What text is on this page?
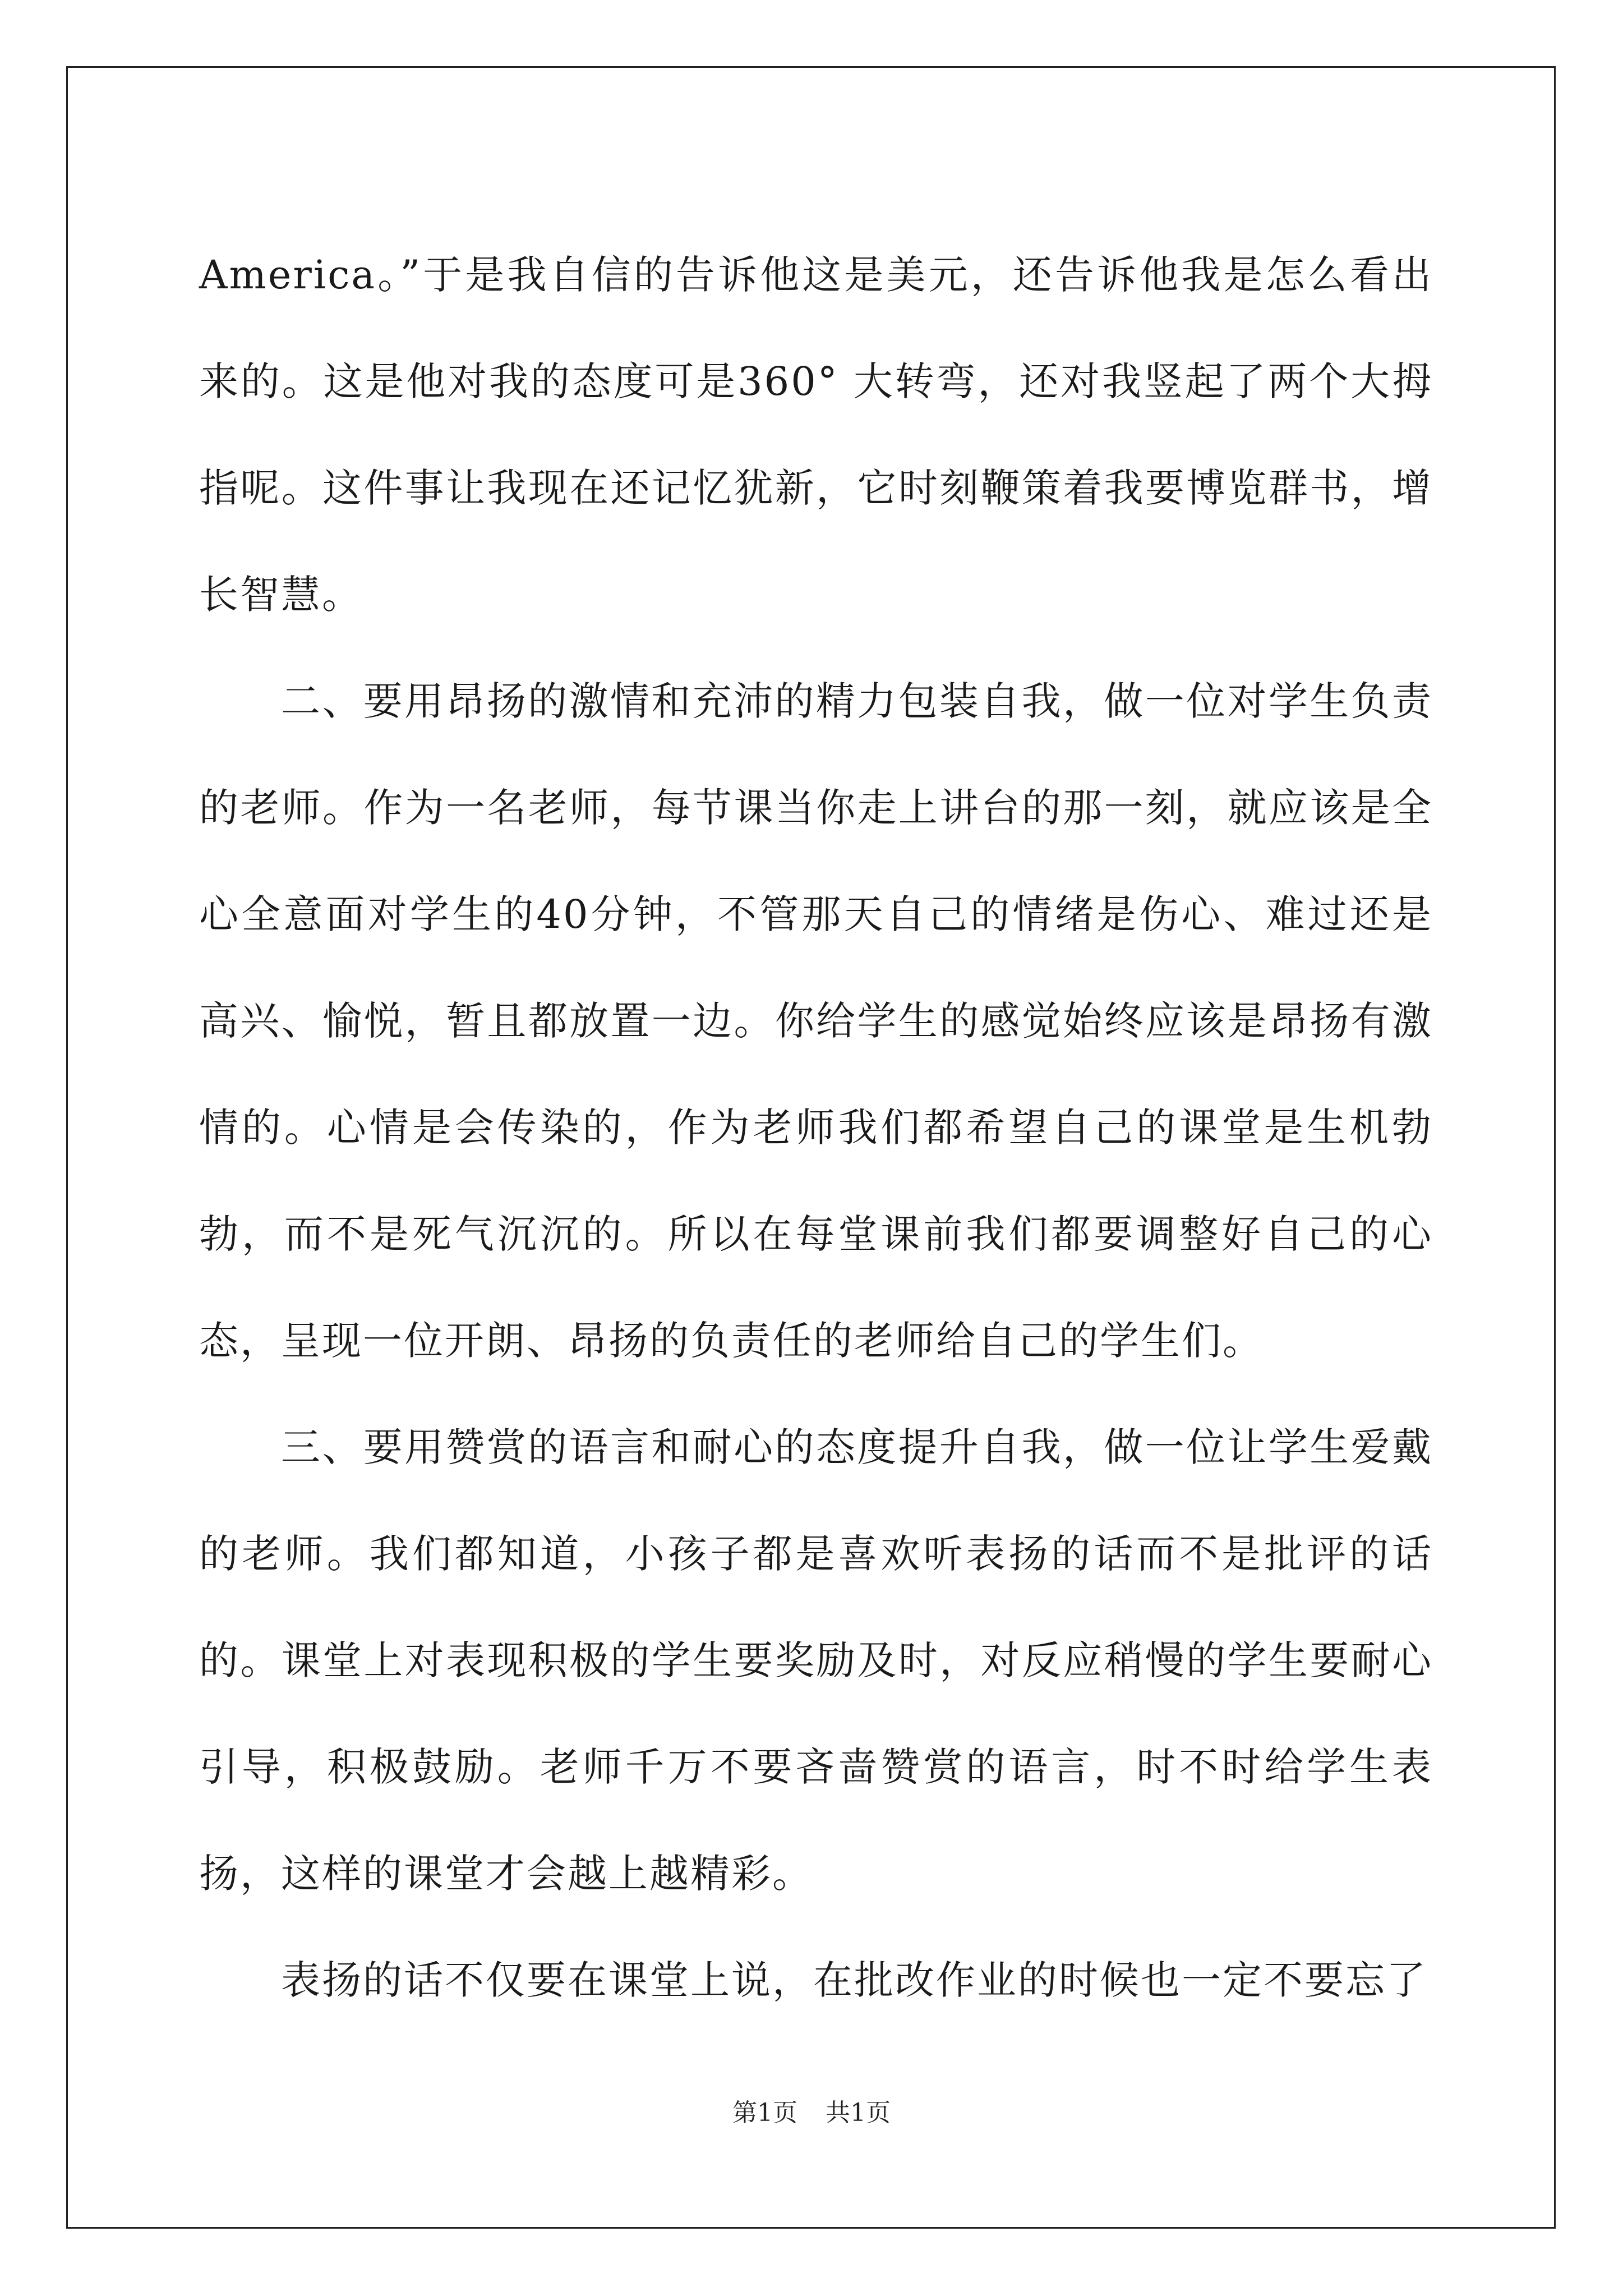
America。”于是我自信的告诉他这是美元，还告诉他我是怎么看出来的。这是他对我的态度可是360° 大转弯，还对我竖起了两个大拇指呢。这件事让我现在还记忆犹新，它时刻鞭策着我要博览群书，增长智慧。

二、要用昂扬的激情和充沛的精力包装自我，做一位对学生负责的老师。作为一名老师，每节课当你走上讲台的那一刻，就应该是全心全意面对学生的40分钟，不管那天自己的情绪是伤心、难过还是高兴、愉悦，暂且都放置一边。你给学生的感觉始终应该是昂扬有激情的。心情是会传染的，作为老师我们都希望自己的课堂是生机勃勃，而不是死气沉沉的。所以在每堂课前我们都要调整好自己的心态，呈现一位开朗、昂扬的负责任的老师给自己的学生们。

三、要用赞赏的语言和耐心的态度提升自我，做一位让学生爱戴的老师。我们都知道，小孩子都是喜欢听表扬的话而不是批评的话的。课堂上对表现积极的学生要奖励及时，对反应稍慢的学生要耐心引导，积极鼓励。老师千万不要吝啬赞赏的语言，时不时给学生表扬，这样的课堂才会越上越精彩。

表扬的话不仅要在课堂上说，在批改作业的时候也一定不要忘了

第1页 共1页
